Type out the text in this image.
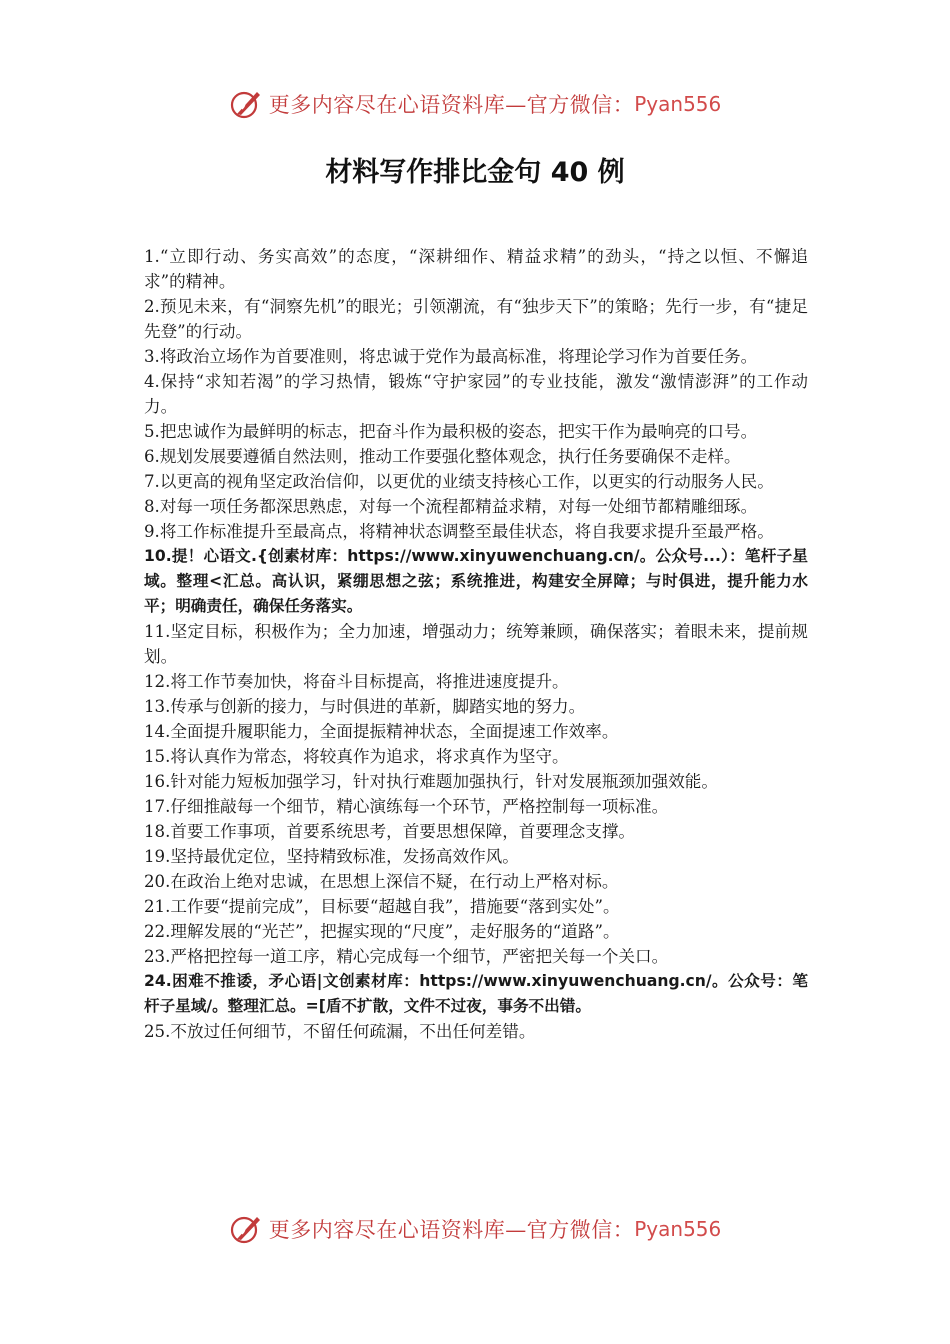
更多内容尽在心语资料库—官方微信： Pyan556
材料写作排比金句 40 例

1.“立即行动、务实高效”的态度，“深耕细作、精益求精”的劲头，“持之以恒、不懈追求”的精神。

2.预见未来，有“洞察先机”的眼光；引领潮流，有“独步天下”的策略；先行一步，有“捷足先登”的行动。

3.将政治立场作为首要准则，将忠诚于党作为最高标准，将理论学习作为首要任务。

4.保持“求知若渴”的学习热情，锻炼“守护家园”的专业技能，激发“激情澎湃”的工作动力。

5.把忠诚作为最鲜明的标志，把奋斗作为最积极的姿态，把实干作为最响亮的口号。

6.规划发展要遵循自然法则，推动工作要强化整体观念，执行任务要确保不走样。

7.以更高的视角坚定政治信仰，以更优的业绩支持核心工作，以更实的行动服务人民。

8.对每一项任务都深思熟虑，对每一个流程都精益求精，对每一处细节都精雕细琢。

9.将工作标准提升至最高点，将精神状态调整至最佳状态，将自我要求提升至最严格。

10.提！心语文.{创素材库：https://www.xinyuwenchuang.cn/。公众号...）：笔杆子星域。整理<汇总。高认识，紧绷思想之弦；系统推进，构建安全屏障；与时俱进，提升能力水平；明确责任，确保任务落实。

11.坚定目标，积极作为；全力加速，增强动力；统筹兼顾，确保落实；着眼未来，提前规划。

12.将工作节奏加快，将奋斗目标提高，将推进速度提升。

13.传承与创新的接力，与时俱进的革新，脚踏实地的努力。

14.全面提升履职能力，全面提振精神状态，全面提速工作效率。

15.将认真作为常态，将较真作为追求，将求真作为坚守。

16.针对能力短板加强学习，针对执行难题加强执行，针对发展瓶颈加强效能。

17.仔细推敲每一个细节，精心演练每一个环节，严格控制每一项标准。

18.首要工作事项，首要系统思考，首要思想保障，首要理念支撑。

19.坚持最优定位，坚持精致标准，发扬高效作风。

20.在政治上绝对忠诚，在思想上深信不疑，在行动上严格对标。

21.工作要“提前完成”，目标要“超越自我”，措施要“落到实处”。

22.理解发展的“光芒”，把握实现的“尺度”，走好服务的“道路”。

23.严格把控每一道工序，精心完成每一个细节，严密把关每一个关口。

24.困难不推诿，矛心语|文创素材库：https://www.xinyuwenchuang.cn/。公众号：笔杆子星域/。整理汇总。=[盾不扩散，文件不过夜，事务不出错。

25.不放过任何细节，不留任何疏漏，不出任何差错。

更多内容尽在心语资料库—官方微信： Pyan556
